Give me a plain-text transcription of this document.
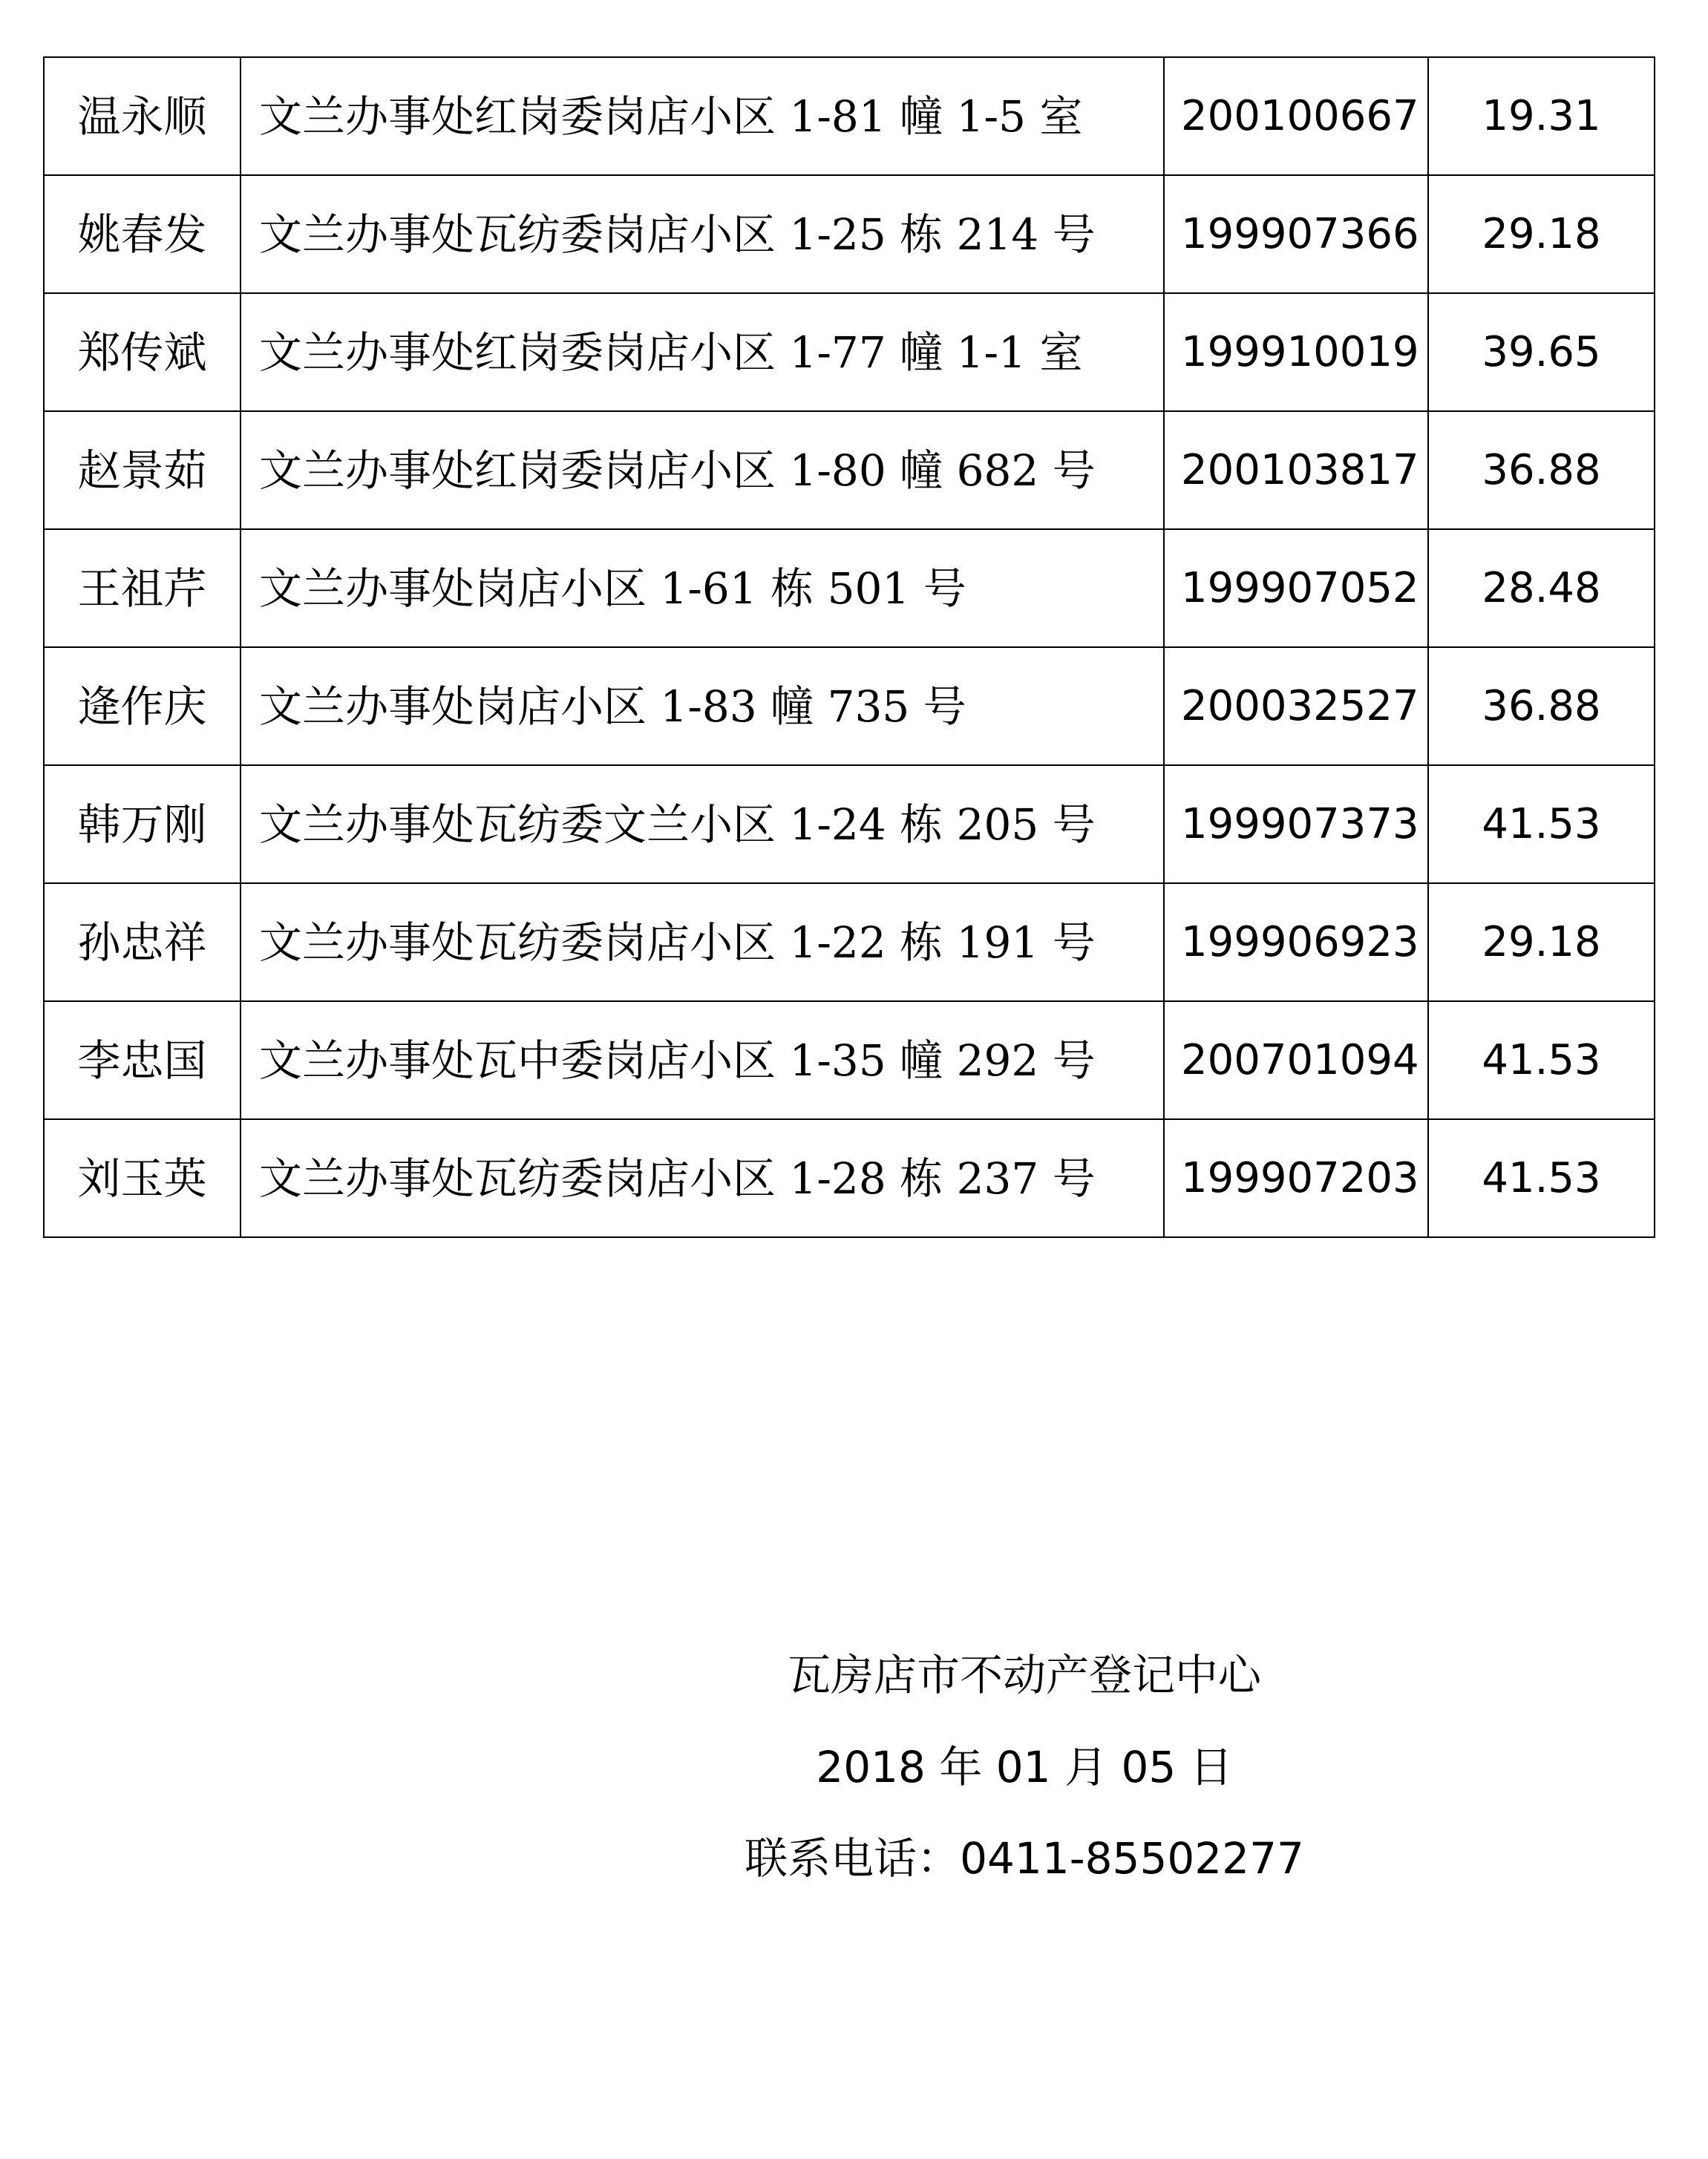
温永顺	文兰办事处红岗委岗店小区 1-81 幢 1-5 室	200100667	19.31
姚春发	文兰办事处瓦纺委岗店小区 1-25 栋 214 号	199907366	29.18
郑传斌	文兰办事处红岗委岗店小区 1-77 幢 1-1 室	199910019	39.65
赵景茹	文兰办事处红岗委岗店小区 1-80 幢 682 号	200103817	36.88
王祖芹	文兰办事处岗店小区 1-61 栋 501 号	199907052	28.48
逄作庆	文兰办事处岗店小区 1-83 幢 735 号	200032527	36.88
韩万刚	文兰办事处瓦纺委文兰小区 1-24 栋 205 号	199907373	41.53
孙忠祥	文兰办事处瓦纺委岗店小区 1-22 栋 191 号	199906923	29.18
李忠国	文兰办事处瓦中委岗店小区 1-35 幢 292 号	200701094	41.53
刘玉英	文兰办事处瓦纺委岗店小区 1-28 栋 237 号	199907203	41.53
瓦房店市不动产登记中心
2018 年 01 月 05 日
联系电话：0411-85502277
